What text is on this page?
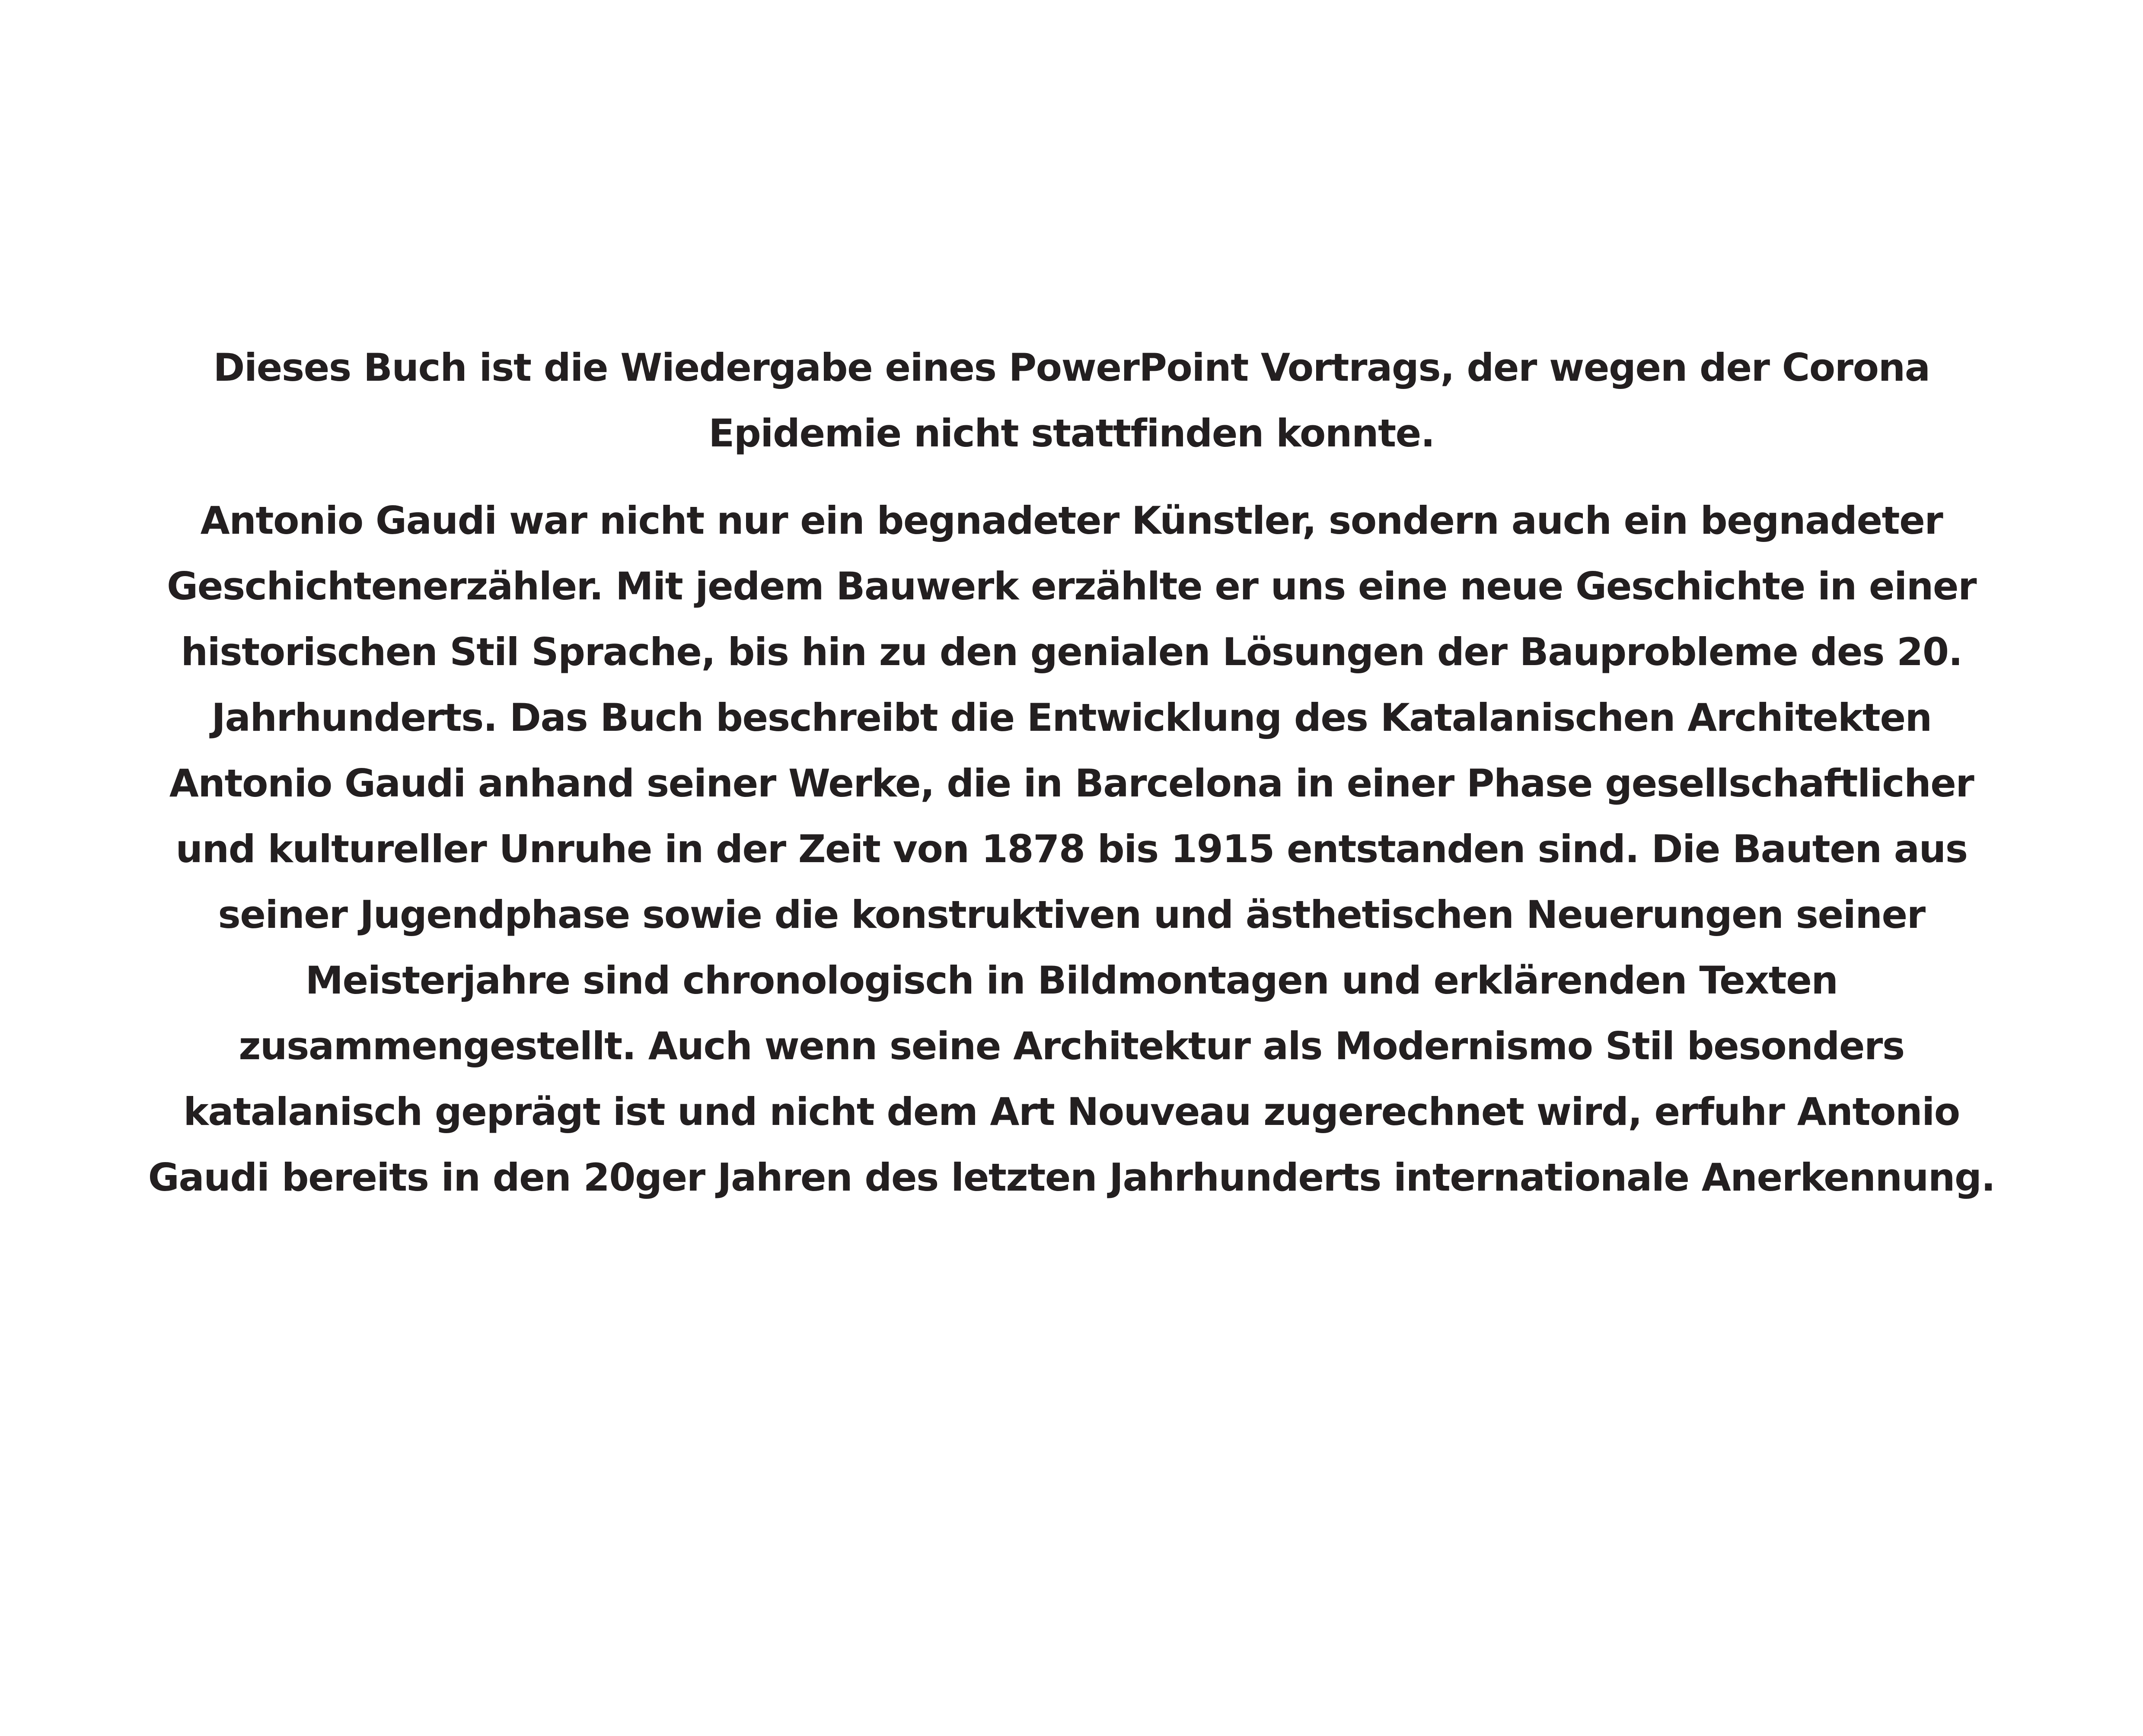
Dieses Buch ist die Wiedergabe eines PowerPoint Vortrags, der wegen der Corona
Epidemie nicht stattfinden konnte.

Antonio Gaudi war nicht nur ein begnadeter Künstler, sondern auch ein begnadeter
Geschichtenerzähler. Mit jedem Bauwerk erzählte er uns eine neue Geschichte in einer
historischen Stil Sprache, bis hin zu den genialen Lösungen der Bauprobleme des 20.
Jahrhunderts. Das Buch beschreibt die Entwicklung des Katalanischen Architekten
Antonio Gaudi anhand seiner Werke, die in Barcelona in einer Phase gesellschaftlicher
und kultureller Unruhe in der Zeit von 1878 bis 1915 entstanden sind. Die Bauten aus
seiner Jugendphase sowie die konstruktiven und ästhetischen Neuerungen seiner
Meisterjahre sind chronologisch in Bildmontagen und erklärenden Texten
zusammengestellt. Auch wenn seine Architektur als Modernismo Stil besonders
katalanisch geprägt ist und nicht dem Art Nouveau zugerechnet wird, erfuhr Antonio
Gaudi bereits in den 20ger Jahren des letzten Jahrhunderts internationale Anerkennung.
